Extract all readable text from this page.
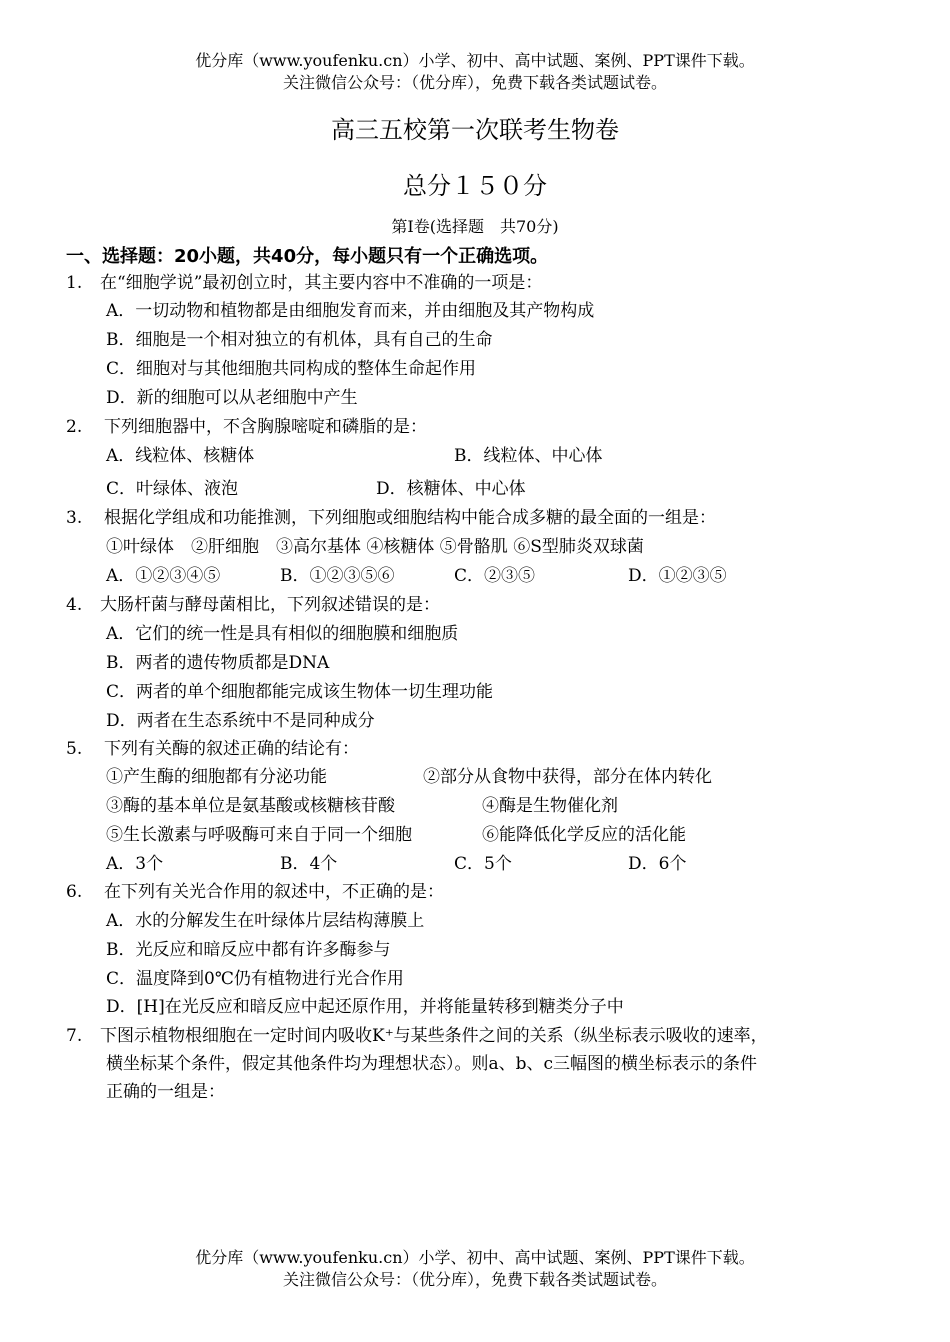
优分库（www.youfenku.cn）小学、初中、高中试题、案例、PPT课件下载。
关注微信公众号：（优分库），免费下载各类试题试卷。
高三五校第一次联考生物卷
总分１５０分
第Ⅰ卷(选择题　共70分)
一、选择题：20小题，共40分，每小题只有一个正确选项。
1. 在“细胞学说”最初创立时，其主要内容中不准确的一项是：
A．一切动物和植物都是由细胞发育而来，并由细胞及其产物构成
B．细胞是一个相对独立的有机体，具有自己的生命
C．细胞对与其他细胞共同构成的整体生命起作用
D．新的细胞可以从老细胞中产生
2. 下列细胞器中，不含胸腺嘧啶和磷脂的是：
A．线粒体、核糖体	B．线粒体、中心体
C．叶绿体、液泡	D．核糖体、中心体
3. 根据化学组成和功能推测，下列细胞或细胞结构中能合成多糖的最全面的一组是：
①叶绿体　②肝细胞　③高尔基体 ④核糖体 ⑤骨骼肌 ⑥S型肺炎双球菌
A．①②③④⑤	B．①②③⑤⑥	C．②③⑤	D．①②③⑤
4. 大肠杆菌与酵母菌相比，下列叙述错误的是：
A．它们的统一性是具有相似的细胞膜和细胞质
B．两者的遗传物质都是DNA
C．两者的单个细胞都能完成该生物体一切生理功能
D．两者在生态系统中不是同种成分
5. 下列有关酶的叙述正确的结论有：
①产生酶的细胞都有分泌功能	②部分从食物中获得，部分在体内转化
③酶的基本单位是氨基酸或核糖核苷酸	④酶是生物催化剂
⑤生长激素与呼吸酶可来自于同一个细胞	⑥能降低化学反应的活化能
A．3个	B．4个	C．5个	D．6个
6. 在下列有关光合作用的叙述中，不正确的是：
A．水的分解发生在叶绿体片层结构薄膜上
B．光反应和暗反应中都有许多酶参与
C．温度降到0℃仍有植物进行光合作用
D．[H]在光反应和暗反应中起还原作用，并将能量转移到糖类分子中
7. 下图示植物根细胞在一定时间内吸收K⁺与某些条件之间的关系（纵坐标表示吸收的速率，
横坐标某个条件，假定其他条件均为理想状态）。则a、b、c三幅图的横坐标表示的条件
正确的一组是：
优分库（www.youfenku.cn）小学、初中、高中试题、案例、PPT课件下载。
关注微信公众号：（优分库），免费下载各类试题试卷。
